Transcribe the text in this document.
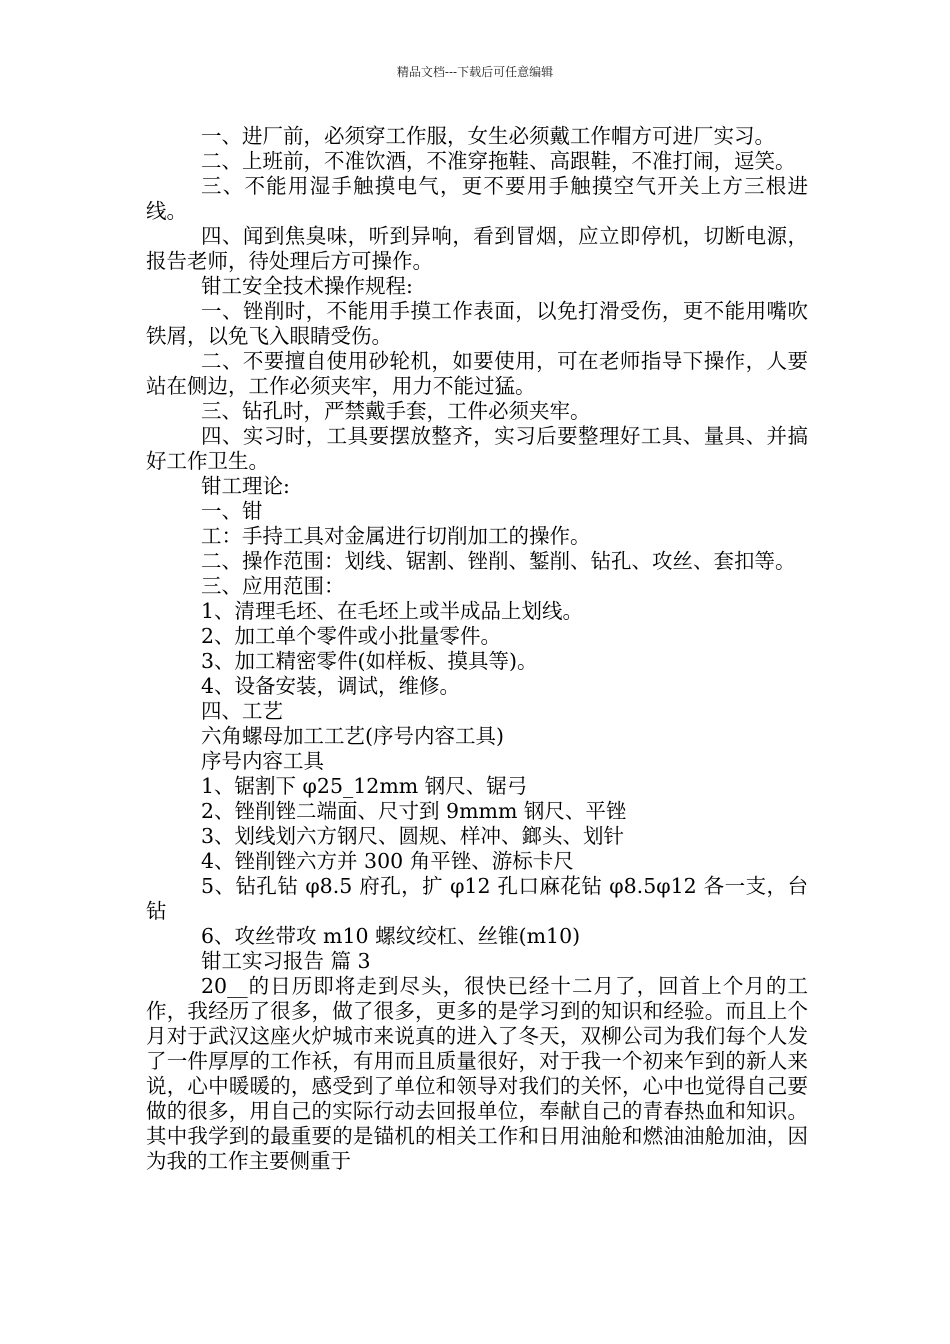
精品文档---下载后可任意编辑

一、进厂前，必须穿工作服，女生必须戴工作帽方可进厂实习。

二、上班前，不准饮酒，不准穿拖鞋、高跟鞋，不准打闹，逗笑。

三、不能用湿手触摸电气，更不要用手触摸空气开关上方三根进线。

四、闻到焦臭味，听到异响，看到冒烟，应立即停机，切断电源，报告老师，待处理后方可操作。

钳工安全技术操作规程:

一、锉削时，不能用手摸工作表面，以免打滑受伤，更不能用嘴吹铁屑，以免飞入眼睛受伤。

二、不要擅自使用砂轮机，如要使用，可在老师指导下操作，人要站在侧边，工作必须夹牢，用力不能过猛。

三、钻孔时，严禁戴手套，工件必须夹牢。

四、实习时，工具要摆放整齐，实习后要整理好工具、量具、并搞好工作卫生。

钳工理论:

一、钳

工：手持工具对金属进行切削加工的操作。

二、操作范围：划线、锯割、锉削、錾削、钻孔、攻丝、套扣等。

三、应用范围：

1、清理毛坯、在毛坯上或半成品上划线。

2、加工单个零件或小批量零件。

3、加工精密零件(如样板、摸具等)。

4、设备安装，调试，维修。

四、工艺

六角螺母加工工艺(序号内容工具)

序号内容工具

1、锯割下 φ25_12mm 钢尺、锯弓

2、锉削锉二端面、尺寸到 9mmm 钢尺、平锉

3、划线划六方钢尺、圆规、样冲、鎯头、划针

4、锉削锉六方并 300 角平锉、游标卡尺

5、钻孔钻 φ8.5 府孔，扩 φ12 孔口麻花钻 φ8.5φ12 各一支，台钻

6、攻丝带攻 m10 螺纹绞杠、丝锥(m10)

钳工实习报告 篇 3

20__的日历即将走到尽头，很快已经十二月了，回首上个月的工作，我经历了很多，做了很多，更多的是学习到的知识和经验。而且上个月对于武汉这座火炉城市来说真的进入了冬天，双柳公司为我们每个人发了一件厚厚的工作袄，有用而且质量很好，对于我一个初来乍到的新人来说，心中暖暖的，感受到了单位和领导对我们的关怀，心中也觉得自己要做的很多，用自己的实际行动去回报单位，奉献自己的青春热血和知识。其中我学到的最重要的是锚机的相关工作和日用油舱和燃油油舱加油，因为我的工作主要侧重于
